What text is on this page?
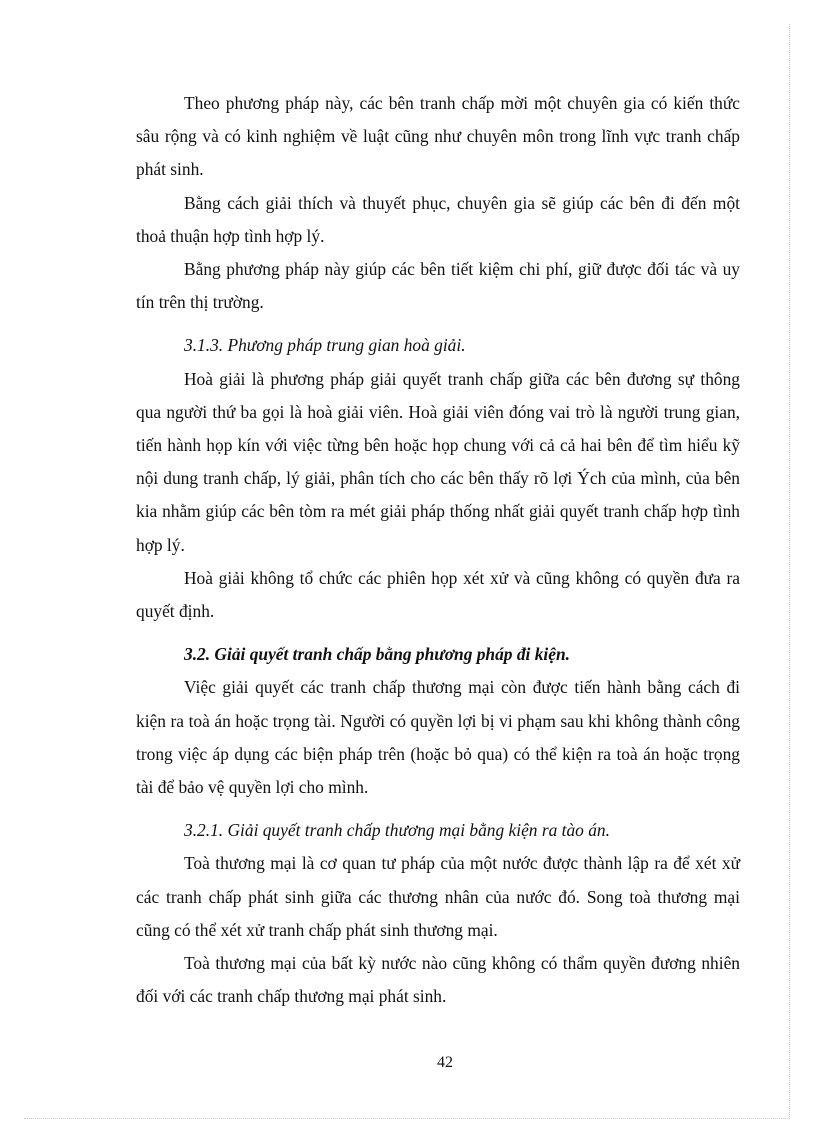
Theo phương pháp này, các bên tranh chấp mời một chuyên gia có kiến thức sâu rộng và có kinh nghiệm về luật cũng như chuyên môn trong lĩnh vực tranh chấp phát sinh.

Bằng cách giải thích và thuyết phục, chuyên gia sẽ giúp các bên đi đến một thoả thuận hợp tình hợp lý.

Bằng phương pháp này giúp các bên tiết kiệm chi phí, giữ được đối tác và uy tín trên thị trường.

3.1.3. Phương pháp trung gian hoà giải.

Hoà giải là phương pháp giải quyết tranh chấp giữa các bên đương sự thông qua người thứ ba gọi là hoà giải viên. Hoà giải viên đóng vai trò là người trung gian, tiến hành họp kín với việc từng bên hoặc họp chung với cả cả hai bên để tìm hiểu kỹ nội dung tranh chấp, lý giải, phân tích cho các bên thấy rõ lợi Ých của mình, của bên kia nhằm giúp các bên tòm ra mét giải pháp thống nhất giải quyết tranh chấp hợp tình hợp lý.

Hoà giải không tổ chức các phiên họp xét xử và cũng không có quyền đưa ra quyết định.

3.2. Giải quyết tranh chấp bằng phương pháp đi kiện.

Việc giải quyết các tranh chấp thương mại còn được tiến hành bằng cách đi kiện ra toà án hoặc trọng tài. Người có quyền lợi bị vi phạm sau khi không thành công trong việc áp dụng các biện pháp trên (hoặc bỏ qua) có thể kiện ra toà án hoặc trọng tài để bảo vệ quyền lợi cho mình.

3.2.1. Giải quyết tranh chấp thương mại bằng kiện ra tào án.

Toà thương mại là cơ quan tư pháp của một nước được thành lập ra để xét xử các tranh chấp phát sinh giữa các thương nhân của nước đó. Song toà thương mại cũng có thể xét xử tranh chấp phát sinh thương mại.

Toà thương mại của bất kỳ nước nào cũng không có thẩm quyền đương nhiên đối với các tranh chấp thương mại phát sinh.

42
